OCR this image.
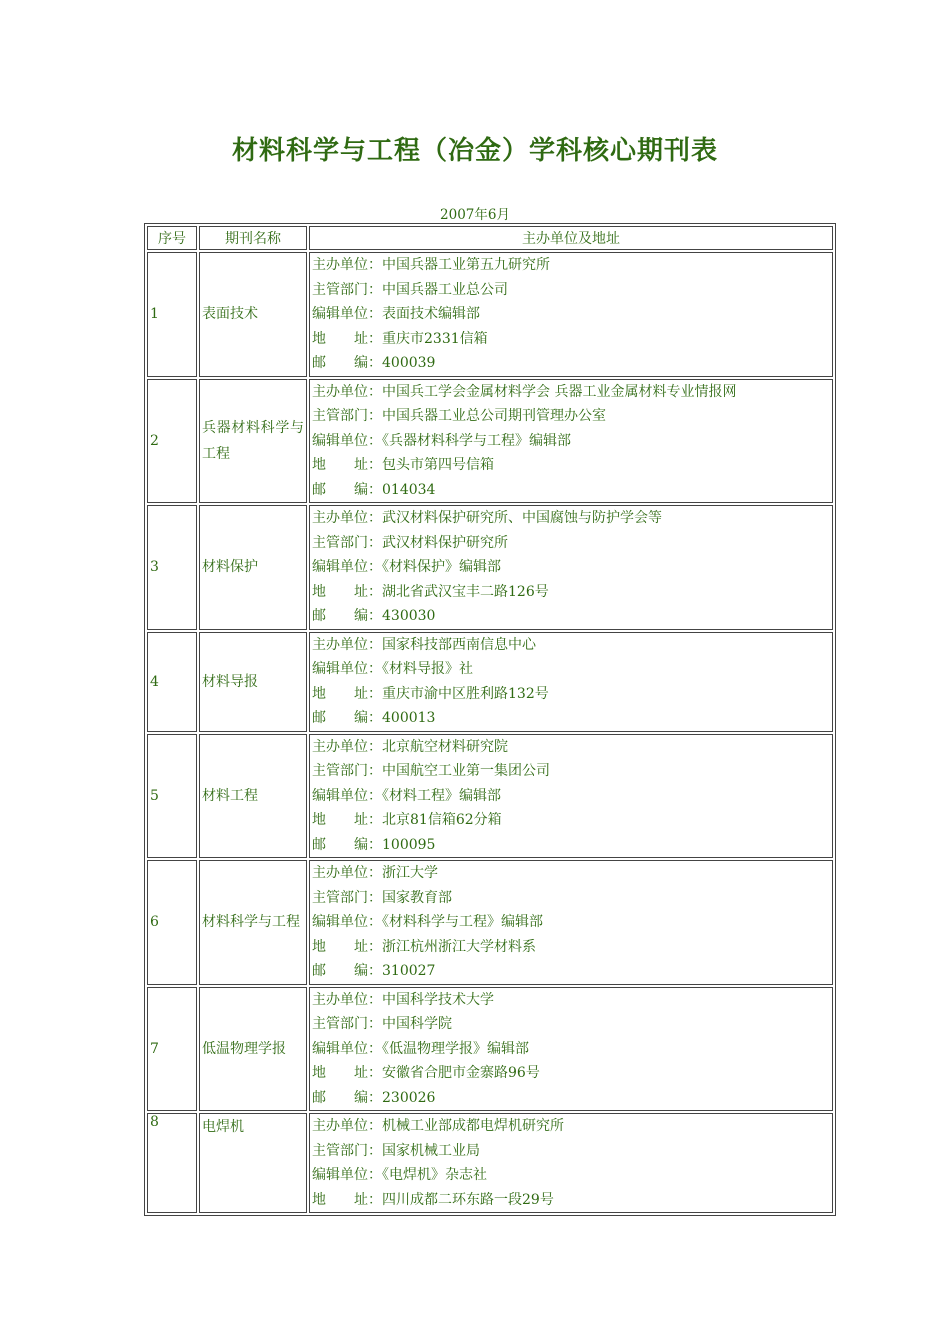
材料科学与工程（冶金）学科核心期刊表
2007年6月
序号	期刊名称	主办单位及地址
1	表面技术	主办单位：中国兵器工业第五九研究所
主管部门：中国兵器工业总公司
编辑单位：表面技术编辑部
地　　址：重庆市2331信箱
邮　　编：400039

2	兵器材料科学与工程	主办单位：中国兵工学会金属材料学会 兵器工业金属材料专业情报网
主管部门：中国兵器工业总公司期刊管理办公室
编辑单位：《兵器材料科学与工程》编辑部
地　　址：包头市第四号信箱
邮　　编：014034

3	材料保护	主办单位：武汉材料保护研究所、中国腐蚀与防护学会等
主管部门：武汉材料保护研究所
编辑单位：《材料保护》编辑部
地　　址：湖北省武汉宝丰二路126号
邮　　编：430030

4	材料导报	主办单位：国家科技部西南信息中心
编辑单位：《材料导报》社
地　　址：重庆市渝中区胜利路132号
邮　　编：400013

5	材料工程	主办单位：北京航空材料研究院
主管部门：中国航空工业第一集团公司
编辑单位：《材料工程》编辑部
地　　址：北京81信箱62分箱
邮　　编：100095

6	材料科学与工程	主办单位：浙江大学
主管部门：国家教育部
编辑单位：《材料科学与工程》编辑部
地　　址：浙江杭州浙江大学材料系
邮　　编：310027

7	低温物理学报	主办单位：中国科学技术大学
主管部门：中国科学院
编辑单位：《低温物理学报》编辑部
地　　址：安徽省合肥市金寨路96号
邮　　编：230026

8	电焊机	主办单位：机械工业部成都电焊机研究所
主管部门：国家机械工业局
编辑单位：《电焊机》杂志社
地　　址：四川成都二环东路一段29号
